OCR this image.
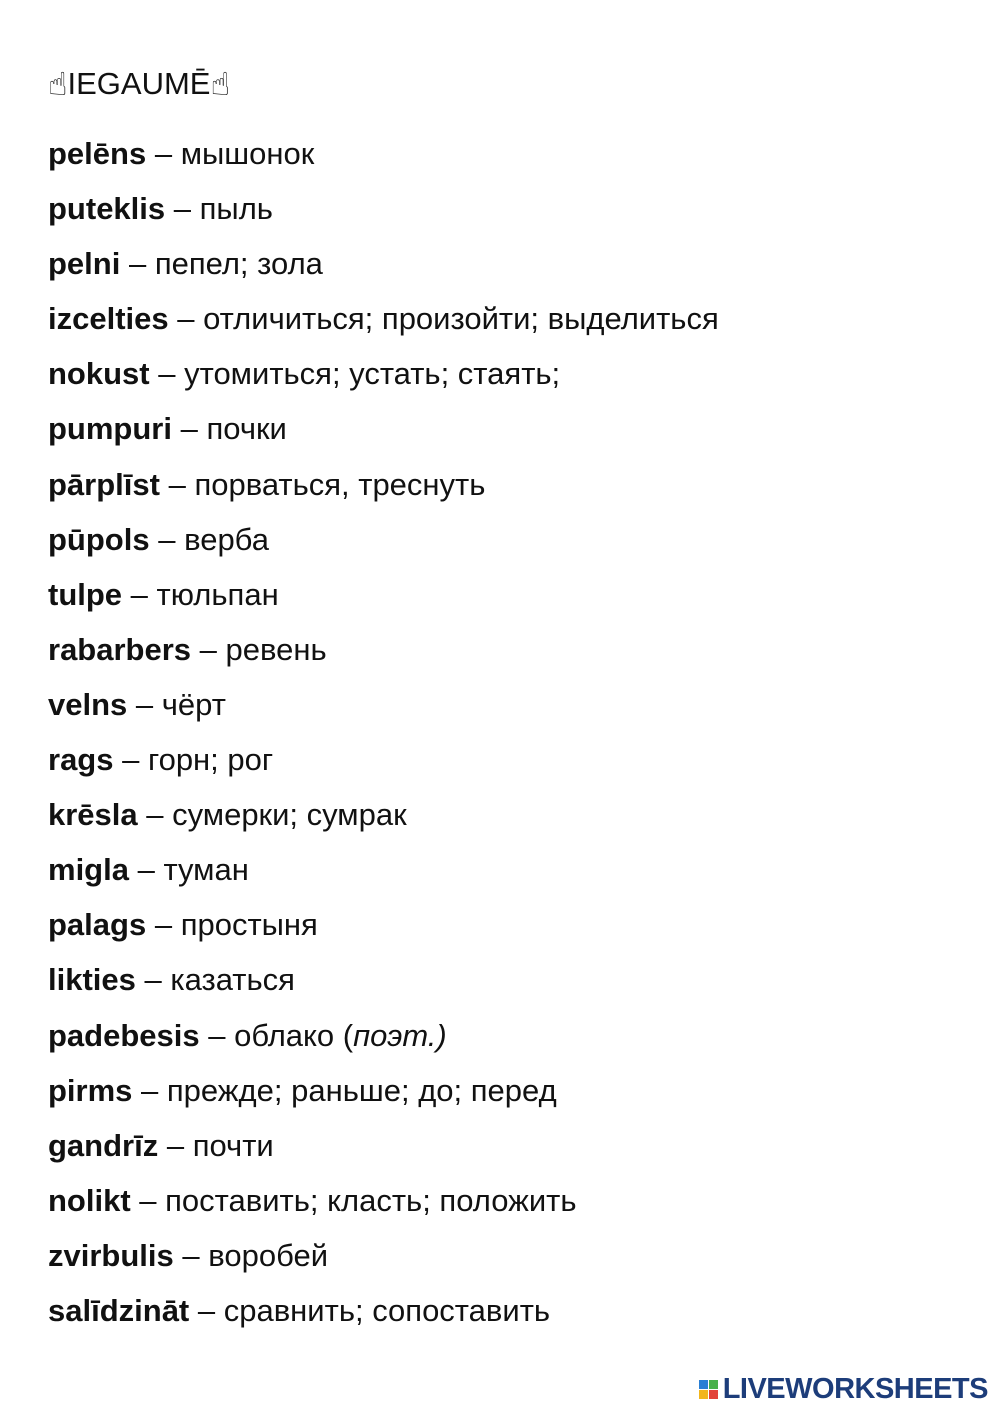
☝ IEGAUMĒ ☝
pelēns – мышонок
puteklis – пыль
pelni – пепел; зола
izcelties – отличиться; произойти; выделиться
nokust – утомиться; устать; стаять;
pumpuri – почки
pārplīst – порваться, треснуть
pūpols – верба
tulpe – тюльпан
rabarbers – ревень
velns – чёрт
rags – горн; рог
krēsla – сумерки; сумрак
migla – туман
palags – простыня
likties – казаться
padebesis – облако (поэт.)
pirms – прежде; раньше; до; перед
gandrīz – почти
nolikt – поставить; класть; положить
zvirbulis – воробей
salīdzināt – сравнить; сопоставить
LIVEWORKSHEETS
